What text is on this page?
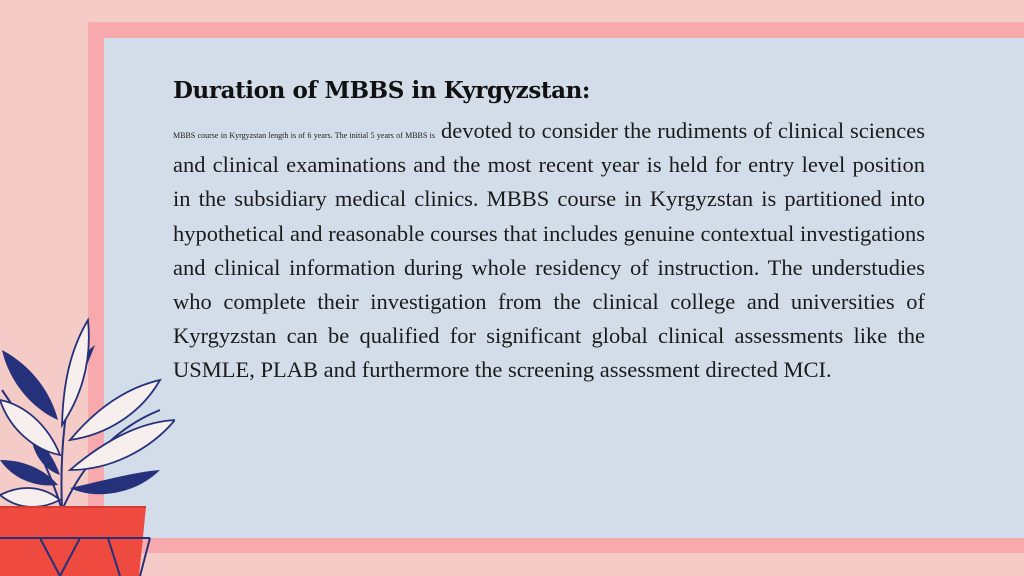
Duration of MBBS in Kyrgyzstan:

MBBS course in Kyrgyzstan length is of 6 years. The initial 5 years of MBBS is devoted to consider the rudiments of clinical sciences and clinical examinations and the most recent year is held for entry level position in the subsidiary medical clinics. MBBS course in Kyrgyzstan is partitioned into hypothetical and reasonable courses that includes genuine contextual investigations and clinical information during whole residency of instruction. The understudies who complete their investigation from the clinical college and universities of Kyrgyzstan can be qualified for significant global clinical assessments like the USMLE, PLAB and furthermore the screening assessment directed MCI.
